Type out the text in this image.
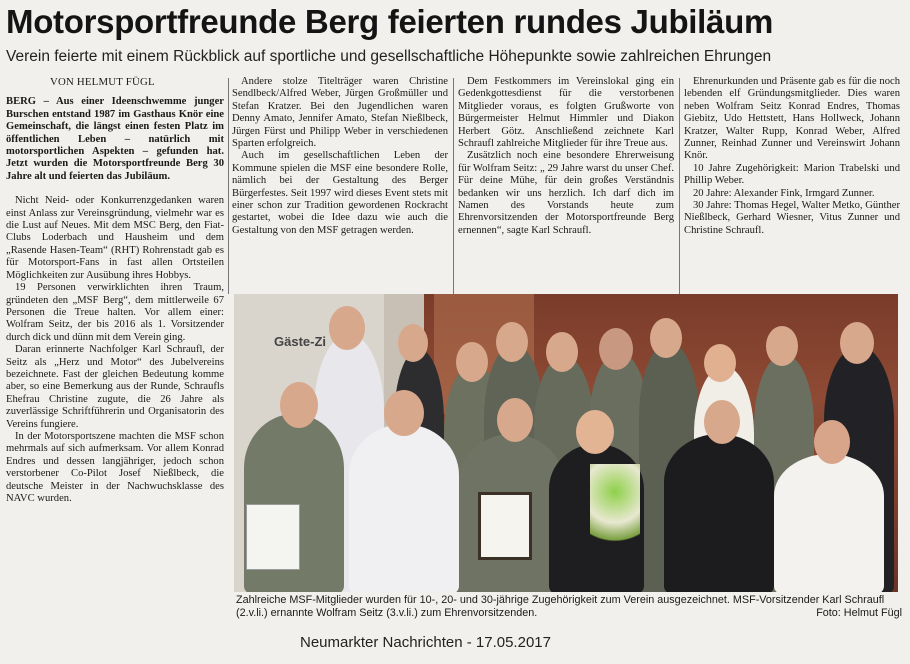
Motorsportfreunde Berg feierten rundes Jubiläum
Verein feierte mit einem Rückblick auf sportliche und gesellschaftliche Höhepunkte sowie zahlreichen Ehrungen

VON HELMUT FÜGL

BERG – Aus einer Ideenschwemme junger Burschen entstand 1987 im Gasthaus Knör eine Gemeinschaft, die längst einen festen Platz im öffentlichen Leben – natürlich mit motorsportlichen Aspekten – gefunden hat. Jetzt wurden die Motorsportfreunde Berg 30 Jahre alt und feierten das Jubiläum.

Nicht Neid- oder Konkurrenzgedanken waren einst Anlass zur Vereinsgründung, vielmehr war es die Lust auf Neues. Mit dem MSC Berg, den Fiat-Clubs Loderbach und Hausheim und dem „Rasende Hasen-Team“ (RHT) Rohrenstadt gab es für Motorsport-Fans in fast allen Ortsteilen Möglichkeiten zur Ausübung ihres Hobbys.

19 Personen verwirklichten ihren Traum, gründeten den „MSF Berg“, dem mittlerweile 67 Personen die Treue halten. Vor allem einer: Wolfram Seitz, der bis 2016 als 1. Vorsitzender durch dick und dünn mit dem Verein ging.

Daran erinnerte Nachfolger Karl Schraufl, der Seitz als „Herz und Motor“ des Jubelvereins bezeichnete. Fast der gleichen Bedeutung komme aber, so eine Bemerkung aus der Runde, Schraufls Ehefrau Christine zugute, die 26 Jahre als zuverlässige Schriftführerin und Organisatorin des Vereins fungiere.

In der Motorsportszene machten die MSF schon mehrmals auf sich aufmerksam. Vor allem Konrad Endres und dessen langjähriger, jedoch schon verstorbener Co-Pilot Josef Nießlbeck, die deutsche Meister in der Nachwuchsklasse des NAVC wurden.

Andere stolze Titelträger waren Christine Sendlbeck/Alfred Weber, Jürgen Großmüller und Stefan Kratzer. Bei den Jugendlichen waren Denny Amato, Jennifer Amato, Stefan Nießlbeck, Jürgen Fürst und Philipp Weber in verschiedenen Sparten erfolgreich.

Auch im gesellschaftlichen Leben der Kommune spielen die MSF eine besondere Rolle, nämlich bei der Gestaltung des Berger Bürgerfestes. Seit 1997 wird dieses Event stets mit einer schon zur Tradition gewordenen Rockracht gestartet, wobei die Idee dazu wie auch die Gestaltung von den MSF getragen werden.

Dem Festkommers im Vereinslokal ging ein Gedenkgottesdienst für die verstorbenen Mitglieder voraus, es folgten Grußworte von Bürgermeister Helmut Himmler und Diakon Herbert Götz. Anschließend zeichnete Karl Schraufl zahlreiche Mitglieder für ihre Treue aus.

Zusätzlich noch eine besondere Ehrerweisung für Wolfram Seitz: „ 29 Jahre warst du unser Chef. Für deine Mühe, für dein großes Verständnis bedanken wir uns herzlich. Ich darf dich im Namen des Vorstands heute zum Ehrenvorsitzenden der Motorsportfreunde Berg ernennen“, sagte Karl Schraufl.

Ehrenurkunden und Präsente gab es für die noch lebenden elf Gründungsmitglieder. Dies waren neben Wolfram Seitz Konrad Endres, Thomas Giebitz, Udo Hettstett, Hans Hollweck, Johann Kratzer, Walter Rupp, Konrad Weber, Alfred Zunner, Reinhad Zunner und Vereinswirt Johann Knör.

10 Jahre Zugehörigkeit: Marion Trabelski und Phillip Weber.

20 Jahre: Alexander Fink, Irmgard Zunner.

30 Jahre: Thomas Hegel, Walter Metko, Günther Nießlbeck, Gerhard Wiesner, Vitus Zunner und Christine Schraufl.

Gäste-Zi
Zahlreiche MSF-Mitglieder wurden für 10-, 20- und 30-jährige Zugehörigkeit zum Verein ausgezeichnet. MSF-Vorsitzender Karl Schraufl (2.v.li.) ernannte Wolfram Seitz (3.v.li.) zum Ehrenvorsitzenden.	Foto: Helmut Fügl
Neumarkter Nachrichten - 17.05.2017
